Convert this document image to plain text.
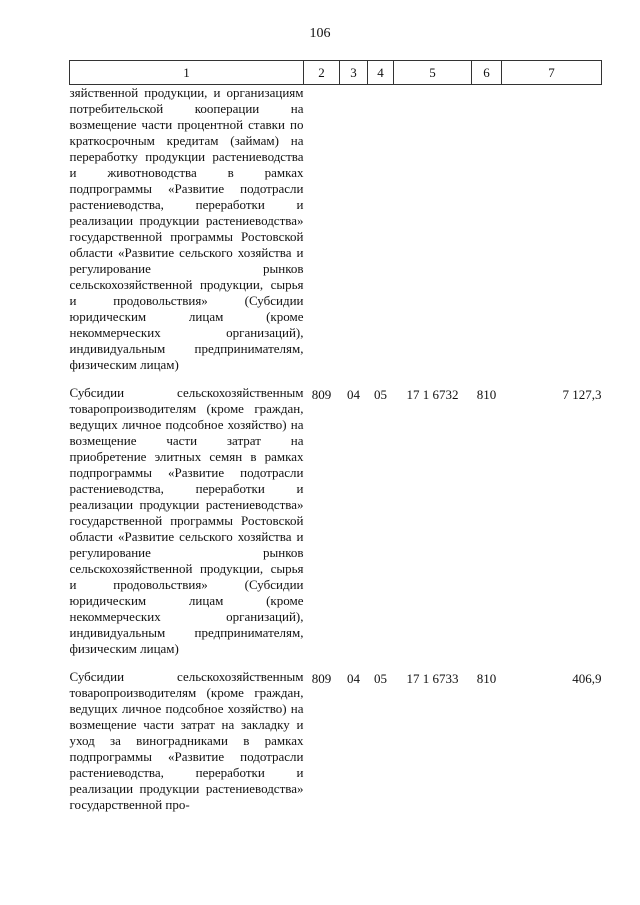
106
1	2	3	4	5	6	7
зяйственной продукции, и организациям потребительской кооперации на возмещение части процентной ставки по краткосрочным кредитам (займам) на переработку продукции растениеводства и животноводства в рамках подпрограммы «Развитие подотрасли растениеводства, переработки и реализации продукции растениеводства» государственной программы Ростовской области «Развитие сельского хозяйства и регулирование рынков сельскохозяйственной продукции, сырья и продовольствия» (Субсидии юридическим лицам (кроме некоммерческих организаций), индивидуальным предпринимателям, физическим лицам)						
Субсидии сельскохозяйственным товаропроизводителям (кроме граждан, ведущих личное подсобное хозяйство) на возмещение части затрат на приобретение элитных семян в рамках подпрограммы «Развитие подотрасли растениеводства, переработки и реализации продукции растениеводства» государственной программы Ростовской области «Развитие сельского хозяйства и регулирование рынков сельскохозяйственной продукции, сырья и продовольствия» (Субсидии юридическим лицам (кроме некоммерческих организаций), индивидуальным предпринимателям, физическим лицам)	809	04	05	17 1 6732	810	7 127,3
Субсидии сельскохозяйственным товаропроизводителям (кроме граждан, ведущих личное подсобное хозяйство) на возмещение части затрат на закладку и уход за виноградниками в рамках подпрограммы «Развитие подотрасли растениеводства, переработки и реализации продукции растениеводства» государственной про-	809	04	05	17 1 6733	810	406,9
